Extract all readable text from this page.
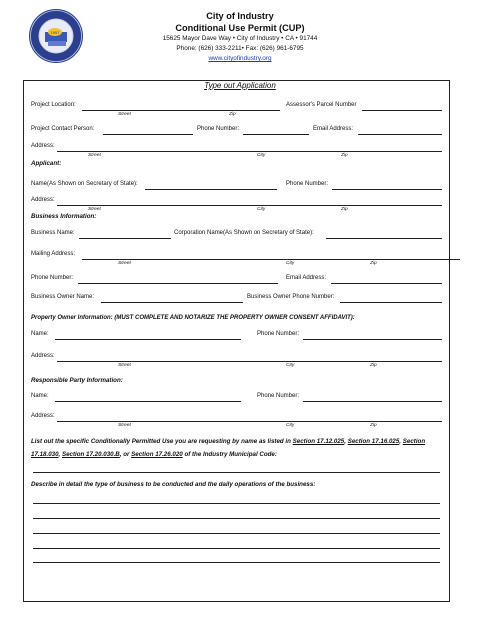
1957
City of Industry
Conditional Use Permit (CUP)
15625 Mayor Dave Way • City of Industry • CA • 91744
Phone: (626) 333-2211• Fax: (626) 961-6795
www.cityofindustry.org
Type out Application
Project Location:	Assessor's Parcel Number
Street	Zip
Project Contact Person:	Phone Number:	Email Address:
Address:
Street	City	Zip
Applicant:
Name(As Shown on Secretary of State):	Phone Number:
Address:
Street	City	Zip
Business Information:
Business Name:	Corporation Name(As Shown on Secretary of State):
Mailing Address:
Street	City	Zip
Phone Number:	Email Address:
Business Owner Name:	Business Owner Phone Number:
Property Owner Information: (MUST COMPLETE AND NOTARIZE THE PROPERTY OWNER CONSENT AFFIDAVIT):
Name:	Phone Number:
Address:
Street	City	Zip
Responsible Party Information:
Name:	Phone Number:
Address:
Street	City	Zip
List out the specific Conditionally Permitted Use you are requesting by name as listed in Section 17.12.025, Section 17.16.025, Section 17.18.030, Section 17.20.030.B, or Section 17.26.020 of the Industry Municipal Code:
Describe in detail the type of business to be conducted and the daily operations of the business:
